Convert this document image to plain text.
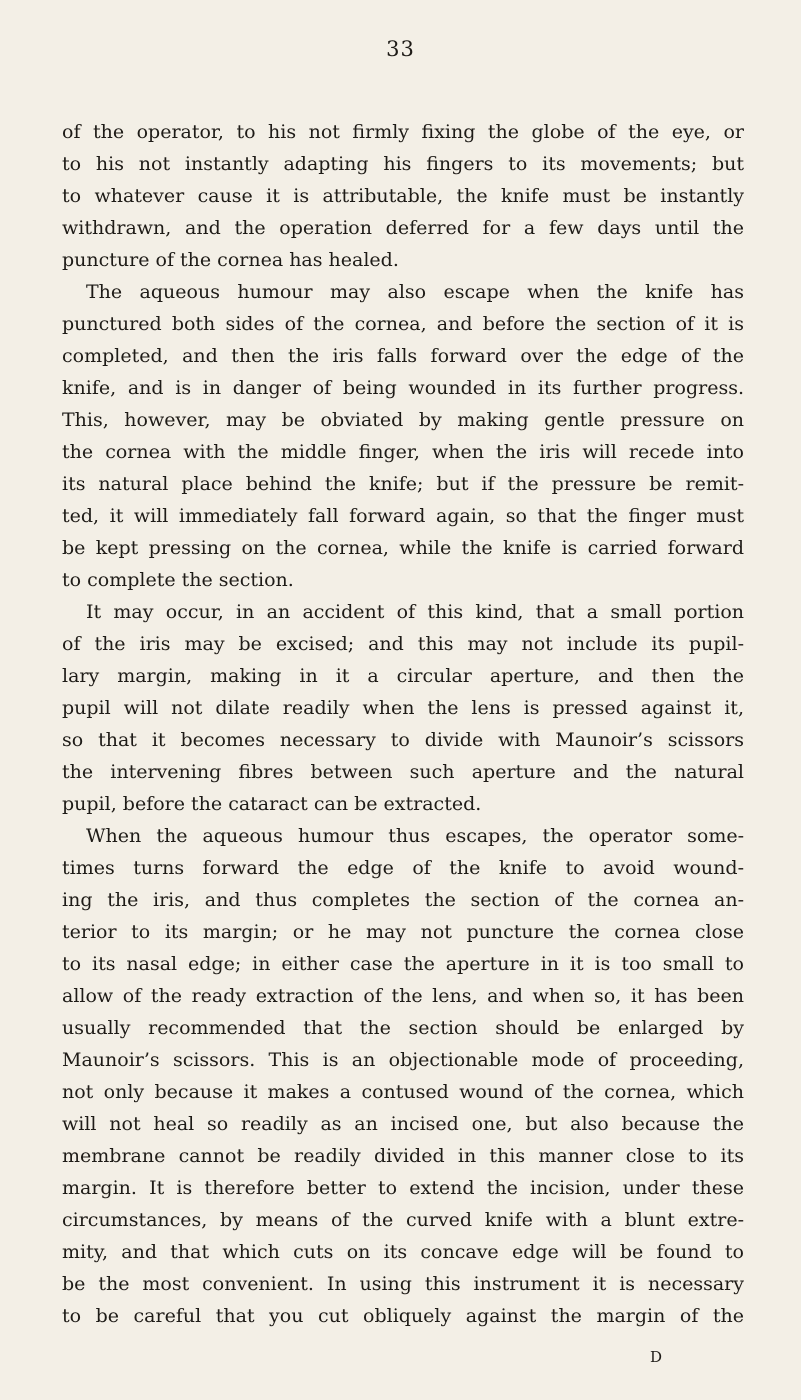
33
of the operator, to his not firmly fixing the globe of the eye, or
to his not instantly adapting his fingers to its movements; but
to whatever cause it is attributable, the knife must be instantly
withdrawn, and the operation deferred for a few days until the
puncture of the cornea has healed.
The aqueous humour may also escape when the knife has
punctured both sides of the cornea, and before the section of it is
completed, and then the iris falls forward over the edge of the
knife, and is in danger of being wounded in its further progress.
This, however, may be obviated by making gentle pressure on
the cornea with the middle finger, when the iris will recede into
its natural place behind the knife; but if the pressure be remit-
ted, it will immediately fall forward again, so that the finger must
be kept pressing on the cornea, while the knife is carried forward
to complete the section.
It may occur, in an accident of this kind, that a small portion
of the iris may be excised; and this may not include its pupil-
lary margin, making in it a circular aperture, and then the
pupil will not dilate readily when the lens is pressed against it,
so that it becomes necessary to divide with Maunoir’s scissors
the intervening fibres between such aperture and the natural
pupil, before the cataract can be extracted.
When the aqueous humour thus escapes, the operator some-
times turns forward the edge of the knife to avoid wound-
ing the iris, and thus completes the section of the cornea an-
terior to its margin; or he may not puncture the cornea close
to its nasal edge; in either case the aperture in it is too small to
allow of the ready extraction of the lens, and when so, it has been
usually recommended that the section should be enlarged by
Maunoir’s scissors. This is an objectionable mode of proceeding,
not only because it makes a contused wound of the cornea, which
will not heal so readily as an incised one, but also because the
membrane cannot be readily divided in this manner close to its
margin. It is therefore better to extend the incision, under these
circumstances, by means of the curved knife with a blunt extre-
mity, and that which cuts on its concave edge will be found to
be the most convenient. In using this instrument it is necessary
to be careful that you cut obliquely against the margin of the
D
